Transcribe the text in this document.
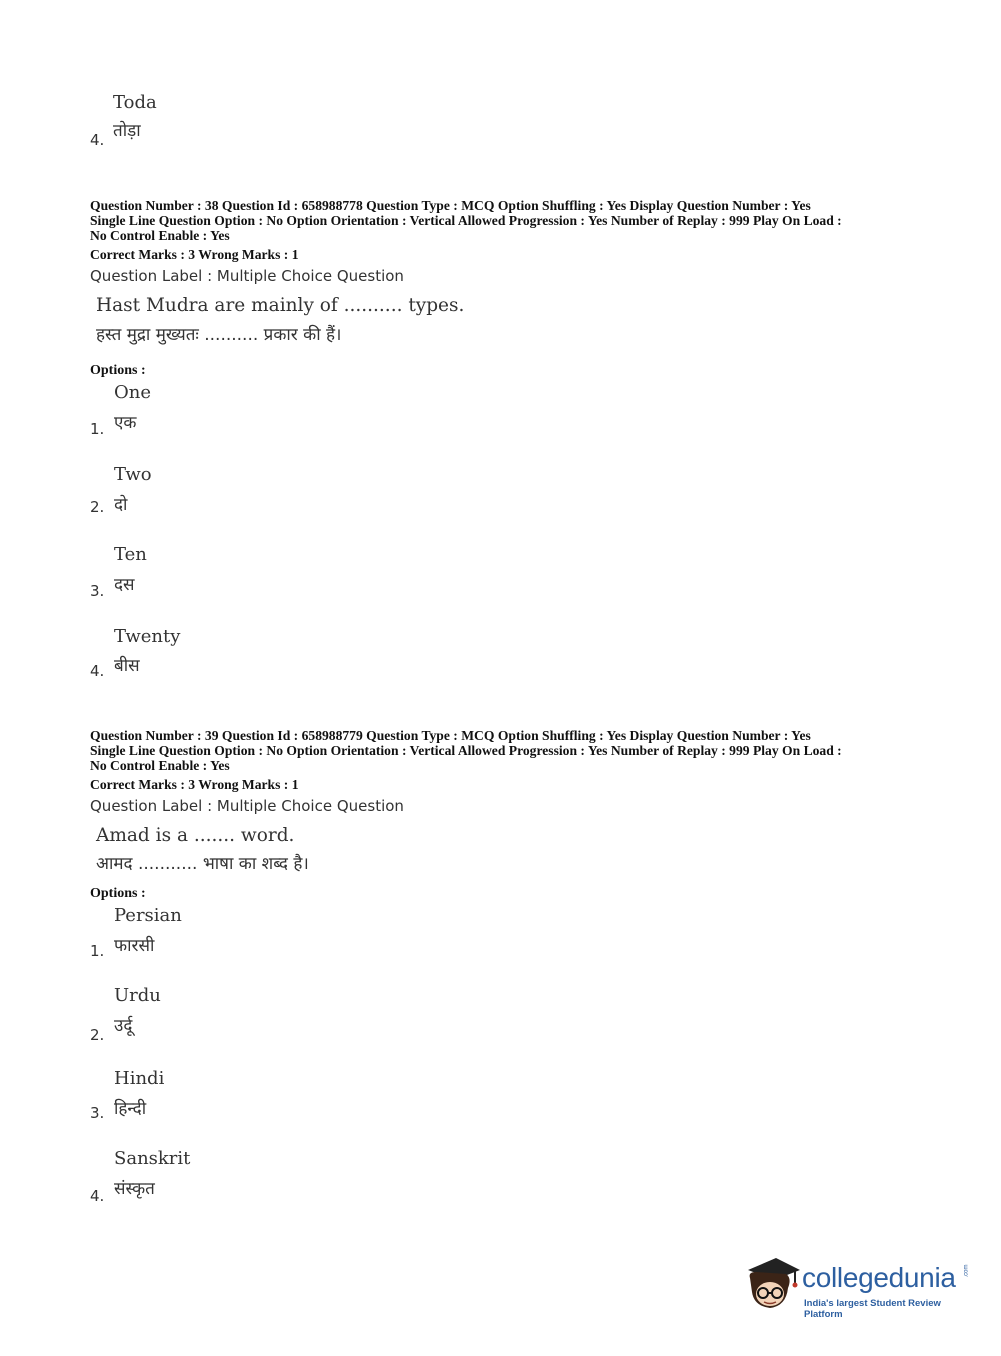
Toda
4. तोड़ा
Question Number : 38 Question Id : 658988778 Question Type : MCQ Option Shuffling : Yes Display Question Number : Yes
Single Line Question Option : No Option Orientation : Vertical Allowed Progression : Yes Number of Replay : 999 Play On Load :
No Control Enable : Yes
Correct Marks : 3 Wrong Marks : 1
Question Label : Multiple Choice Question
Hast Mudra are mainly of .......... types.
हस्त मुद्रा मुख्यतः .......... प्रकार की हैं।
Options :
One
एक
1.
Two
दो
2.
Ten
दस
3.
Twenty
बीस
4.
Question Number : 39 Question Id : 658988779 Question Type : MCQ Option Shuffling : Yes Display Question Number : Yes
Single Line Question Option : No Option Orientation : Vertical Allowed Progression : Yes Number of Replay : 999 Play On Load :
No Control Enable : Yes
Correct Marks : 3 Wrong Marks : 1
Question Label : Multiple Choice Question
Amad is a ....... word.
आमद ........... भाषा का शब्द है।
Options :
Persian
फारसी
1.
Urdu
उर्दू
2.
Hindi
हिन्दी
3.
Sanskrit
संस्कृत
4.
collegedunia .com
India's largest Student Review Platform
